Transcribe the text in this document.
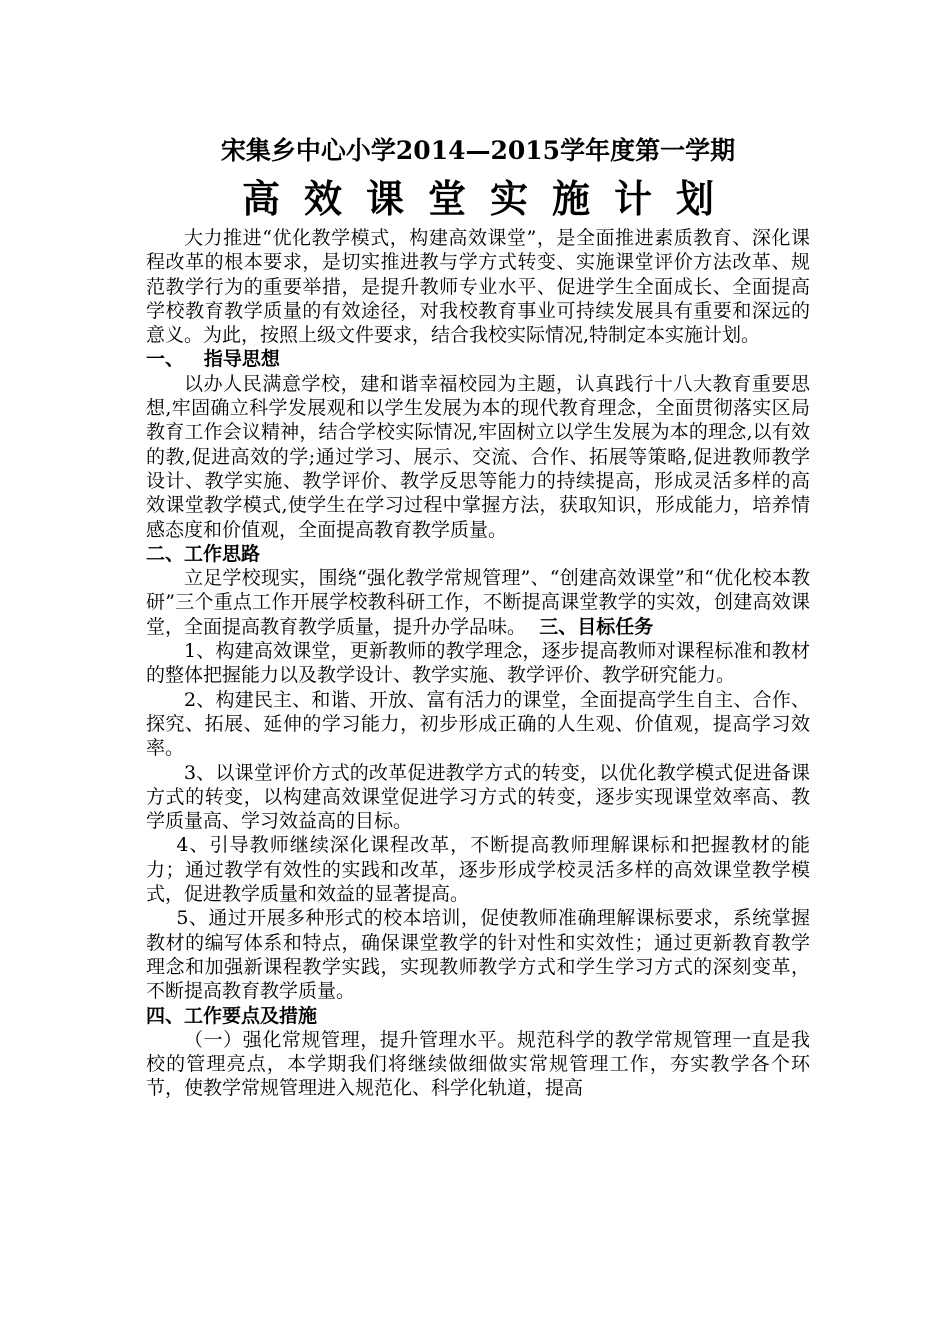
宋集乡中心小学2014—2015学年度第一学期

高效课堂实施计划

大力推进“优化教学模式，构建高效课堂”，是全面推进素质教育、深化课程改革的根本要求，是切实推进教与学方式转变、实施课堂评价方法改革、规范教学行为的重要举措，是提升教师专业水平、促进学生全面成长、全面提高学校教育教学质量的有效途径，对我校教育事业可持续发展具有重要和深远的意义。为此，按照上级文件要求，结合我校实际情况,特制定本实施计划。

一、   指导思想

以办人民满意学校，建和谐幸福校园为主题，认真践行十八大教育重要思想,牢固确立科学发展观和以学生发展为本的现代教育理念，全面贯彻落实区局教育工作会议精神，结合学校实际情况,牢固树立以学生发展为本的理念,以有效的教,促进高效的学;通过学习、展示、交流、合作、拓展等策略,促进教师教学设计、教学实施、教学评价、教学反思等能力的持续提高，形成灵活多样的高效课堂教学模式,使学生在学习过程中掌握方法，获取知识，形成能力，培养情感态度和价值观，全面提高教育教学质量。

二、工作思路

立足学校现实，围绕“强化教学常规管理”、“创建高效课堂”和“优化校本教研”三个重点工作开展学校教科研工作，不断提高课堂教学的实效，创建高效课堂，全面提高教育教学质量，提升办学品味。  三、目标任务

1、构建高效课堂，更新教师的教学理念，逐步提高教师对课程标准和教材的整体把握能力以及教学设计、教学实施、教学评价、教学研究能力。

2、构建民主、和谐、开放、富有活力的课堂，全面提高学生自主、合作、探究、拓展、延伸的学习能力，初步形成正确的人生观、价值观，提高学习效率。

3、以课堂评价方式的改革促进教学方式的转变，以优化教学模式促进备课方式的转变，以构建高效课堂促进学习方式的转变，逐步实现课堂效率高、教学质量高、学习效益高的目标。

4、引导教师继续深化课程改革，不断提高教师理解课标和把握教材的能力；通过教学有效性的实践和改革，逐步形成学校灵活多样的高效课堂教学模式，促进教学质量和效益的显著提高。

5、通过开展多种形式的校本培训，促使教师准确理解课标要求，系统掌握教材的编写体系和特点，确保课堂教学的针对性和实效性；通过更新教育教学理念和加强新课程教学实践，实现教师教学方式和学生学习方式的深刻变革，不断提高教育教学质量。

四、工作要点及措施

（一）强化常规管理，提升管理水平。规范科学的教学常规管理一直是我校的管理亮点，本学期我们将继续做细做实常规管理工作，夯实教学各个环节，使教学常规管理进入规范化、科学化轨道，提高
